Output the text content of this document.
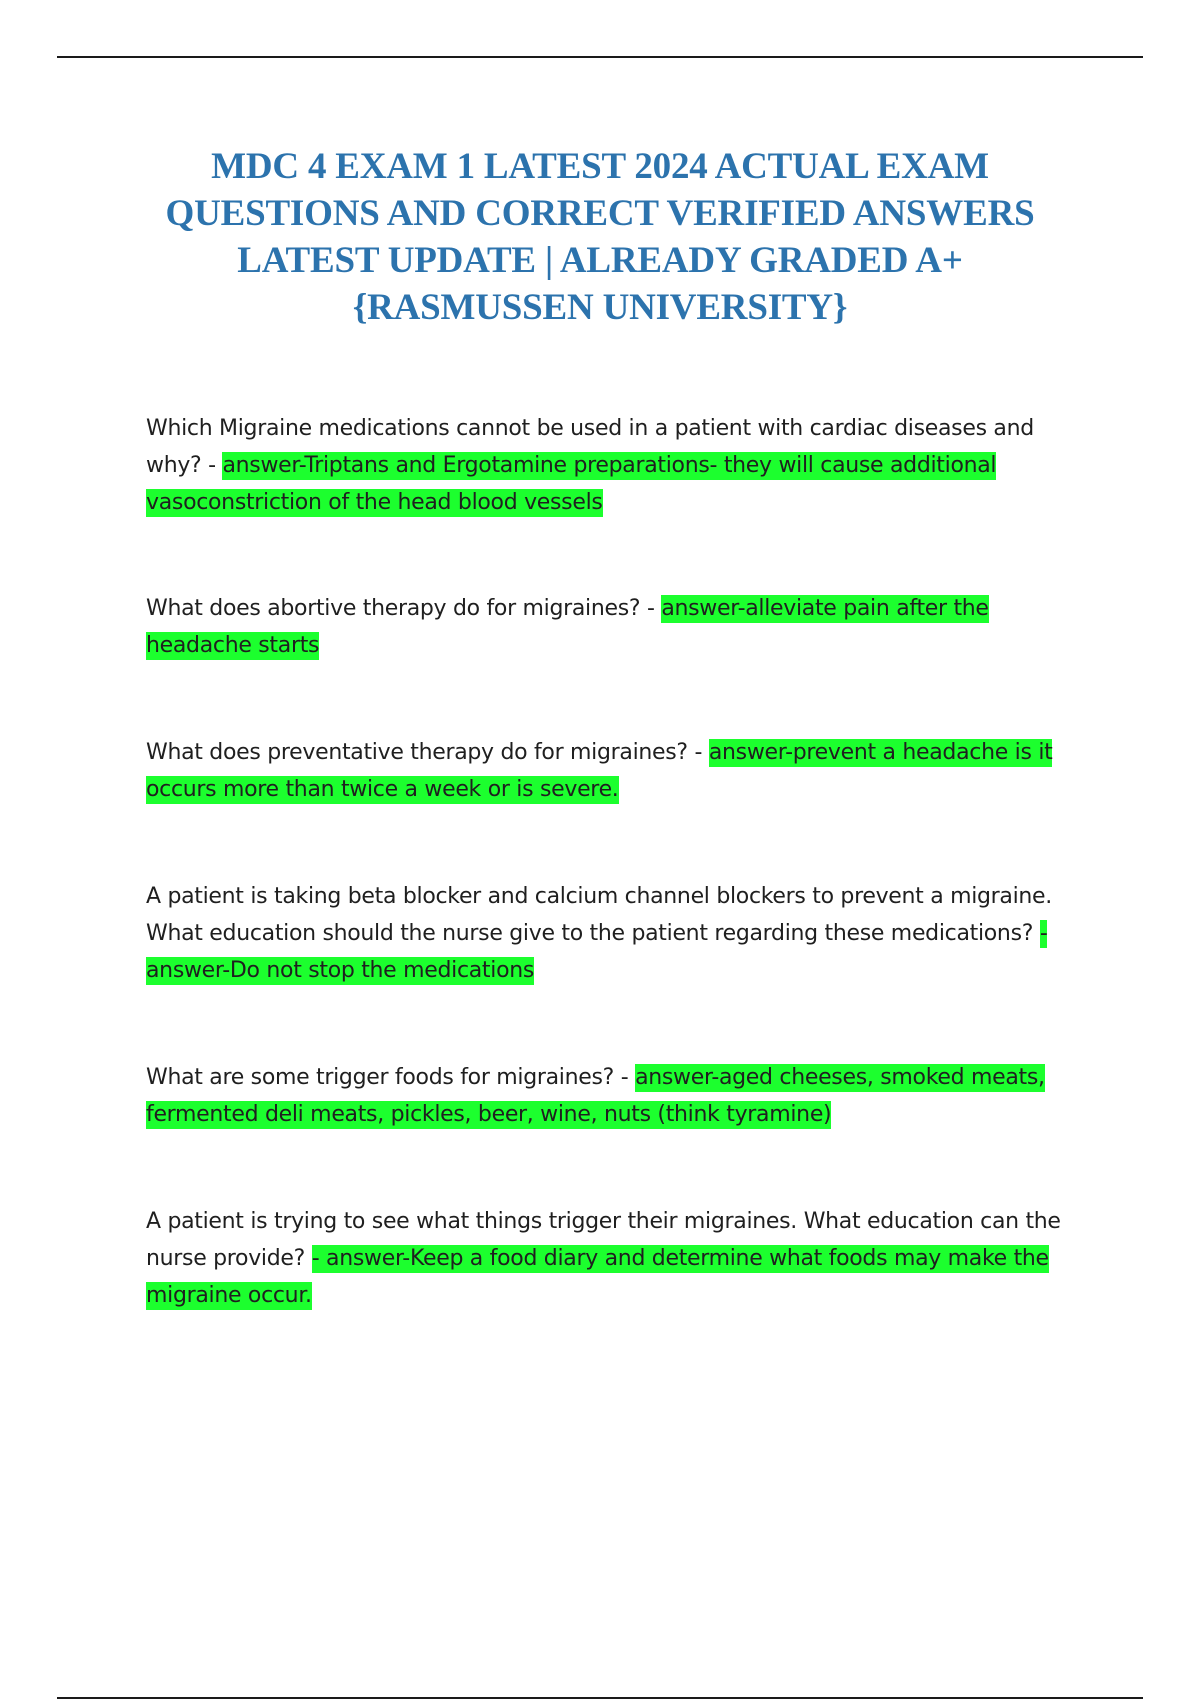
MDC 4 EXAM 1 LATEST 2024 ACTUAL EXAM
QUESTIONS AND CORRECT VERIFIED ANSWERS
LATEST UPDATE | ALREADY GRADED A+
{RASMUSSEN UNIVERSITY}

Which Migraine medications cannot be used in a patient with cardiac diseases and why? - answer-Triptans and Ergotamine preparations- they will cause additional vasoconstriction of the head blood vessels

What does abortive therapy do for migraines? - answer-alleviate pain after the headache starts

What does preventative therapy do for migraines? - answer-prevent a headache is it occurs more than twice a week or is severe.

A patient is taking beta blocker and calcium channel blockers to prevent a migraine. What education should the nurse give to the patient regarding these medications? - answer-Do not stop the medications

What are some trigger foods for migraines? - answer-aged cheeses, smoked meats, fermented deli meats, pickles, beer, wine, nuts (think tyramine)

A patient is trying to see what things trigger their migraines. What education can the nurse provide? - answer-Keep a food diary and determine what foods may make the migraine occur.
